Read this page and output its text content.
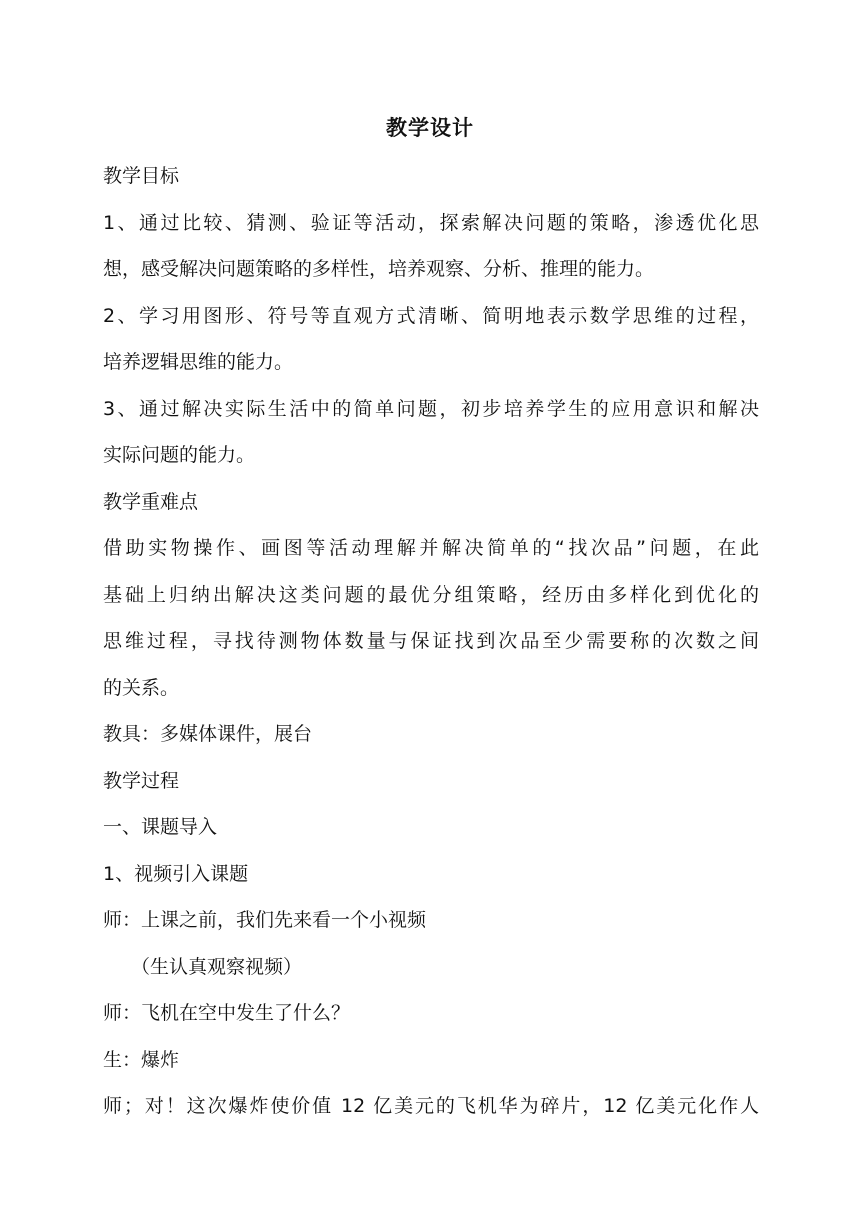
教学设计
教学目标
1、通过比较、猜测、验证等活动，探索解决问题的策略，渗透优化思
想，感受解决问题策略的多样性，培养观察、分析、推理的能力。
2、学习用图形、符号等直观方式清晰、简明地表示数学思维的过程，
培养逻辑思维的能力。
3、通过解决实际生活中的简单问题，初步培养学生的应用意识和解决
实际问题的能力。
教学重难点
借助实物操作、画图等活动理解并解决简单的“找次品”问题，在此
基础上归纳出解决这类问题的最优分组策略，经历由多样化到优化的
思维过程，寻找待测物体数量与保证找到次品至少需要称的次数之间
的关系。
教具：多媒体课件，展台
教学过程
一、课题导入
1、视频引入课题
师：上课之前，我们先来看一个小视频
（生认真观察视频）
师：飞机在空中发生了什么？
生：爆炸
师；对！这次爆炸使价值 12 亿美元的飞机华为碎片，12 亿美元化作人
